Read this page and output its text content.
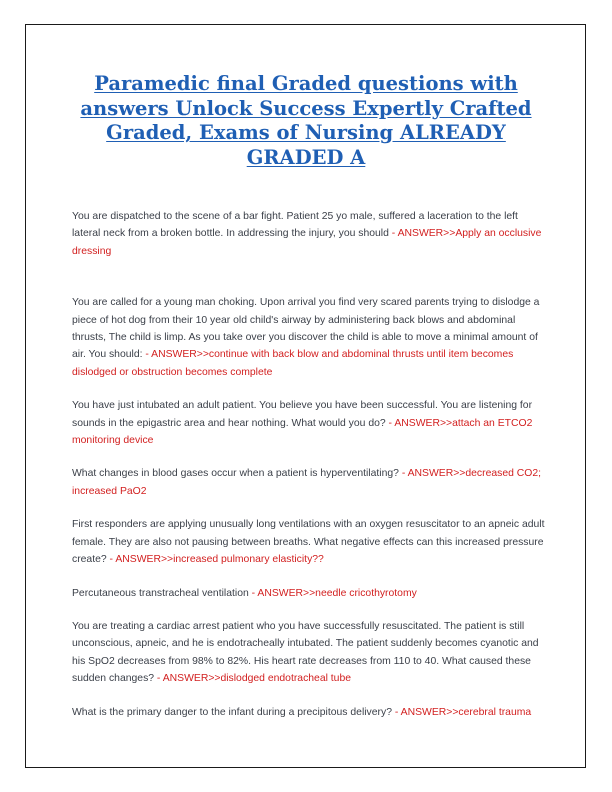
Paramedic final Graded questions with answers Unlock Success Expertly Crafted Graded, Exams of Nursing ALREADY GRADED A

You are dispatched to the scene of a bar fight. Patient 25 yo male, suffered a laceration to the left lateral neck from a broken bottle. In addressing the injury, you should - ANSWER>>Apply an occlusive dressing

You are called for a young man choking. Upon arrival you find very scared parents trying to dislodge a piece of hot dog from their 10 year old child's airway by administering back blows and abdominal thrusts, The child is limp. As you take over you discover the child is able to move a minimal amount of air. You should: - ANSWER>>continue with back blow and abdominal thrusts until item becomes dislodged or obstruction becomes complete

You have just intubated an adult patient. You believe you have been successful. You are listening for sounds in the epigastric area and hear nothing. What would you do? - ANSWER>>attach an ETCO2 monitoring device

What changes in blood gases occur when a patient is hyperventilating? - ANSWER>>decreased CO2; increased PaO2

First responders are applying unusually long ventilations with an oxygen resuscitator to an apneic adult female. They are also not pausing between breaths. What negative effects can this increased pressure create? - ANSWER>>increased pulmonary elasticity??

Percutaneous transtracheal ventilation - ANSWER>>needle cricothyrotomy

You are treating a cardiac arrest patient who you have successfully resuscitated. The patient is still unconscious, apneic, and he is endotracheally intubated. The patient suddenly becomes cyanotic and his SpO2 decreases from 98% to 82%. His heart rate decreases from 110 to 40. What caused these sudden changes? - ANSWER>>dislodged endotracheal tube

What is the primary danger to the infant during a precipitous delivery? - ANSWER>>cerebral trauma
